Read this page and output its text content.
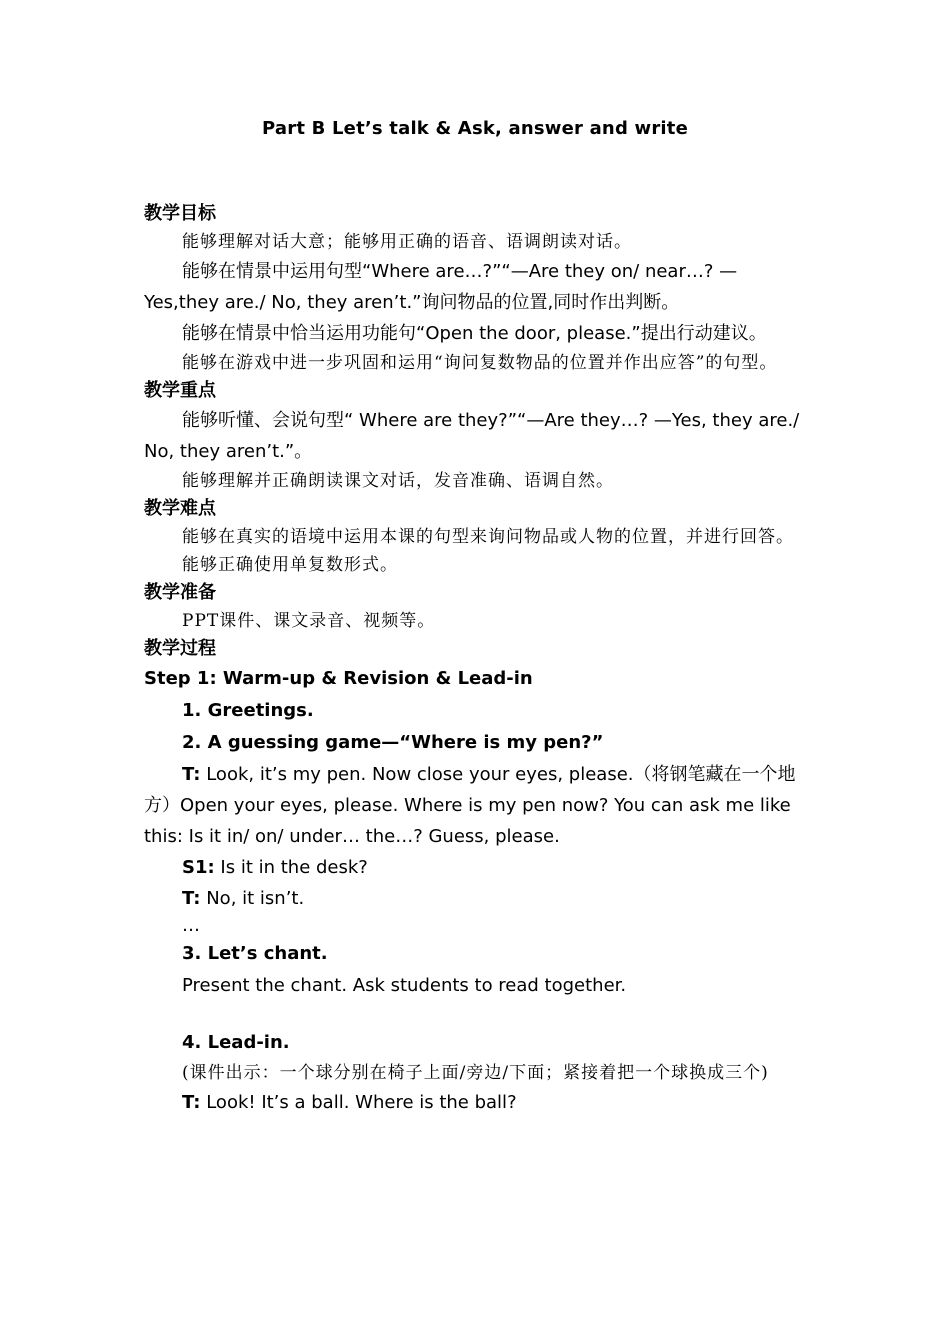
Part B Let’s talk & Ask, answer and write
教学目标
能够理解对话大意；能够用正确的语音、语调朗读对话。
能够在情景中运用句型“Where are…?”“—Are they on/ near…? —Yes,they are./ No, they aren’t.”询问物品的位置,同时作出判断。
能够在情景中恰当运用功能句“Open the door, please.”提出行动建议。
能够在游戏中进一步巩固和运用“询问复数物品的位置并作出应答”的句型。
教学重点
能够听懂、会说句型“ Where are they?”“—Are they…? —Yes, they are./ No, they aren’t.”。
能够理解并正确朗读课文对话，发音准确、语调自然。
教学难点
能够在真实的语境中运用本课的句型来询问物品或人物的位置，并进行回答。
能够正确使用单复数形式。
教学准备
PPT课件、课文录音、视频等。
教学过程
Step 1: Warm-up & Revision & Lead-in
1. Greetings.
2. A guessing game—“Where is my pen?”
T: Look, it’s my pen. Now close your eyes, please.（将钢笔藏在一个地方）Open your eyes, please. Where is my pen now? You can ask me like this: Is it in/ on/ under… the…? Guess, please.
S1: Is it in the desk?
T: No, it isn’t.
…
3. Let’s chant.
Present the chant. Ask students to read together.
4. Lead-in.
(课件出示：一个球分别在椅子上面/旁边/下面；紧接着把一个球换成三个)
T: Look! It’s a ball. Where is the ball?
